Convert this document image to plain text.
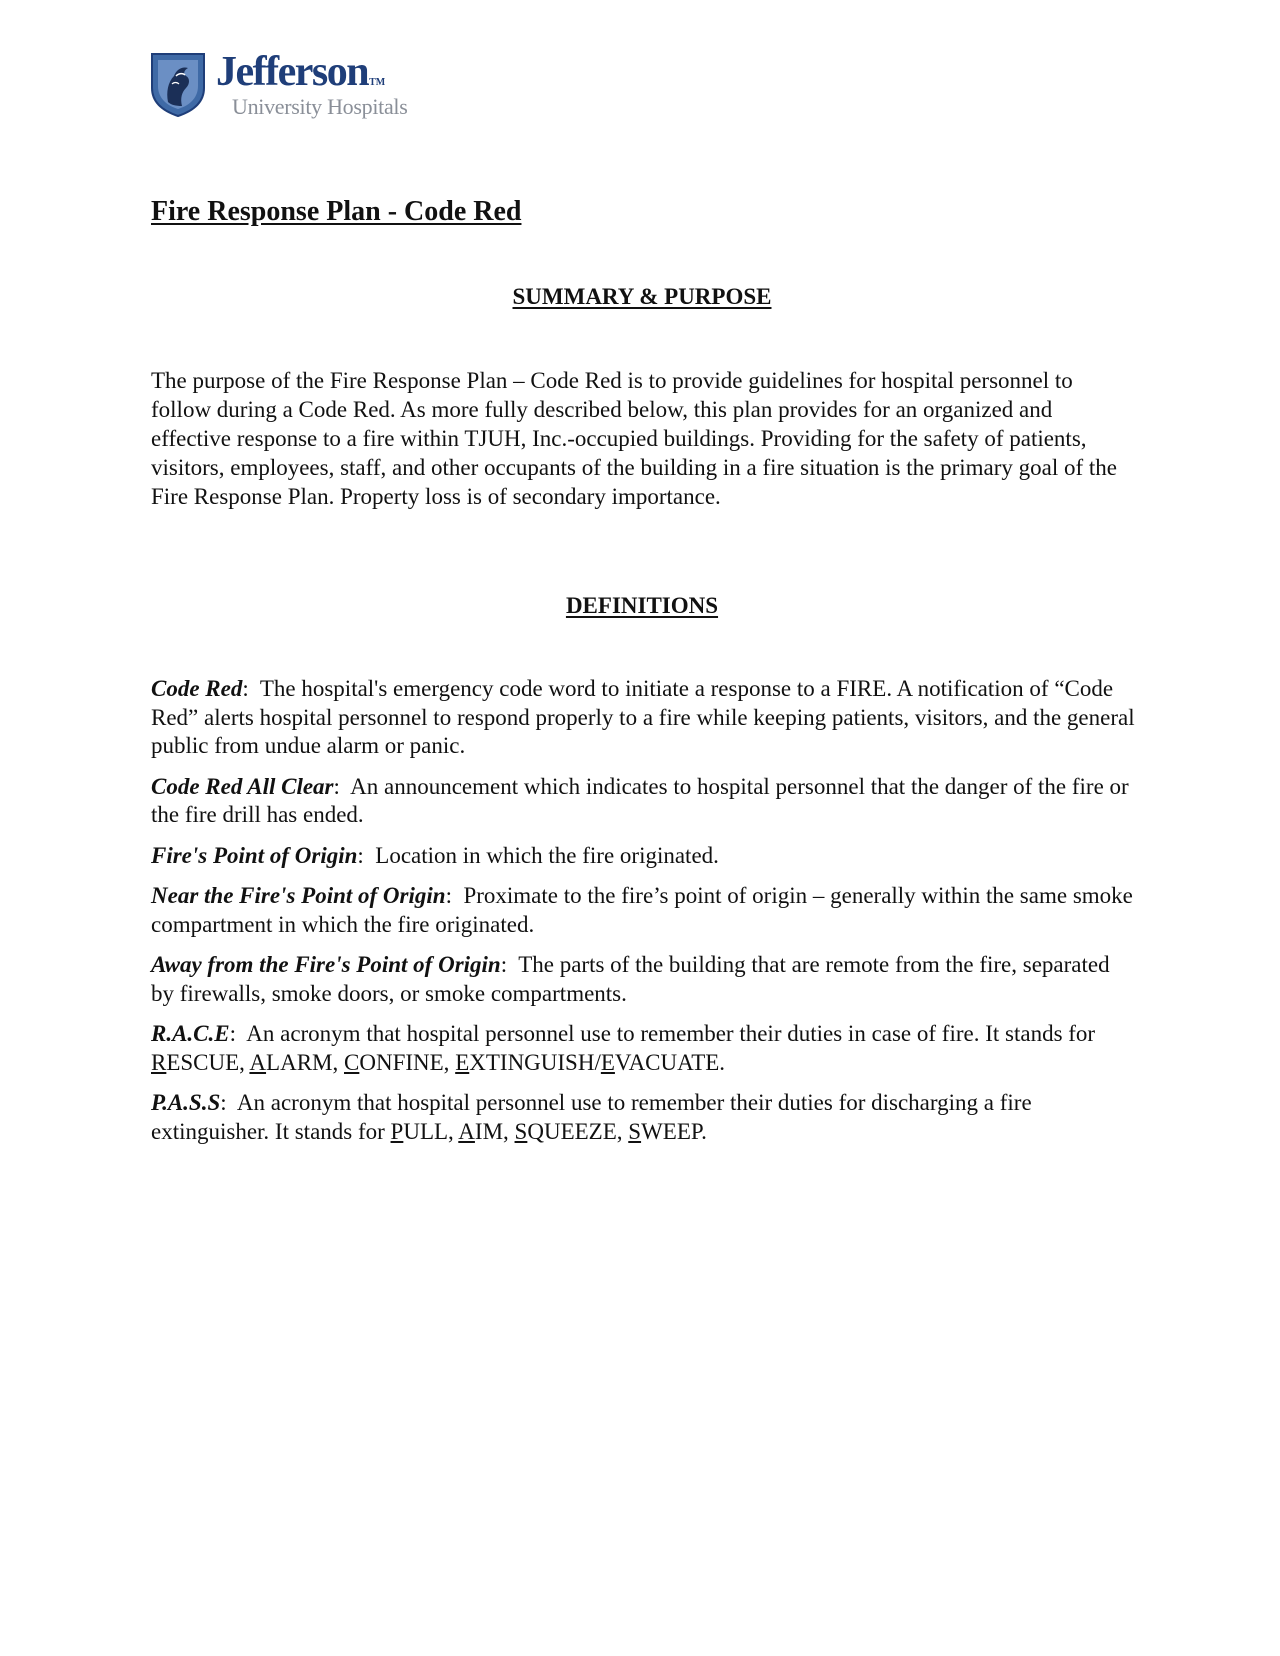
JeffersonTM
University Hospitals
Fire Response Plan - Code Red
SUMMARY & PURPOSE

The purpose of the Fire Response Plan – Code Red is to provide guidelines for hospital personnel to follow during a Code Red. As more fully described below, this plan provides for an organized and effective response to a fire within TJUH, Inc.-occupied buildings. Providing for the safety of patients, visitors, employees, staff, and other occupants of the building in a fire situation is the primary goal of the Fire Response Plan. Property loss is of secondary importance.

DEFINITIONS

Code Red:  The hospital's emergency code word to initiate a response to a FIRE. A notification of “Code Red” alerts hospital personnel to respond properly to a fire while keeping patients, visitors, and the general public from undue alarm or panic.

Code Red All Clear:  An announcement which indicates to hospital personnel that the danger of the fire or the fire drill has ended.

Fire's Point of Origin:  Location in which the fire originated.

Near the Fire's Point of Origin:  Proximate to the fire’s point of origin – generally within the same smoke compartment in which the fire originated.

Away from the Fire's Point of Origin:  The parts of the building that are remote from the fire, separated by firewalls, smoke doors, or smoke compartments.

R.A.C.E:  An acronym that hospital personnel use to remember their duties in case of fire. It stands for RESCUE, ALARM, CONFINE, EXTINGUISH/EVACUATE.

P.A.S.S:  An acronym that hospital personnel use to remember their duties for discharging a fire extinguisher. It stands for PULL, AIM, SQUEEZE, SWEEP.
